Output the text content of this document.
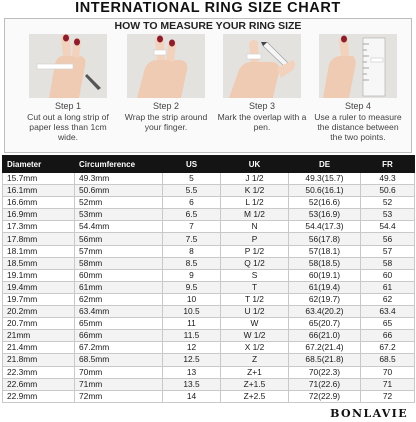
INTERNATIONAL RING SIZE CHART
HOW TO MEASURE YOUR RING SIZE
Step 1
Cut out a long strip of paper less than 1cm wide.
Step 2
Wrap the strip around your finger.
Step 3
Mark the overlap with a pen.
Step 4
Use a ruler to measure the distance between the two points.
Diameter	Circumference	US	UK	DE	FR
15.7mm	49.3mm	5	J 1/2	49.3(15.7)	49.3
16.1mm	50.6mm	5.5	K 1/2	50.6(16.1)	50.6
16.6mm	52mm	6	L 1/2	52(16.6)	52
16.9mm	53mm	6.5	M 1/2	53(16.9)	53
17.3mm	54.4mm	7	N	54.4(17.3)	54.4
17.8mm	56mm	7.5	P	56(17.8)	56
18.1mm	57mm	8	P 1/2	57(18.1)	57
18.5mm	58mm	8.5	Q 1/2	58(18.5)	58
19.1mm	60mm	9	S	60(19.1)	60
19.4mm	61mm	9.5	T	61(19.4)	61
19.7mm	62mm	10	T 1/2	62(19.7)	62
20.2mm	63.4mm	10.5	U 1/2	63.4(20.2)	63.4
20.7mm	65mm	11	W	65(20.7)	65
21mm	66mm	11.5	W 1/2	66(21.0)	66
21.4mm	67.2mm	12	X 1/2	67.2(21.4)	67.2
21.8mm	68.5mm	12.5	Z	68.5(21.8)	68.5
22.3mm	70mm	13	Z+1	70(22.3)	70
22.6mm	71mm	13.5	Z+1.5	71(22.6)	71
22.9mm	72mm	14	Z+2.5	72(22.9)	72
BONLAVIE
